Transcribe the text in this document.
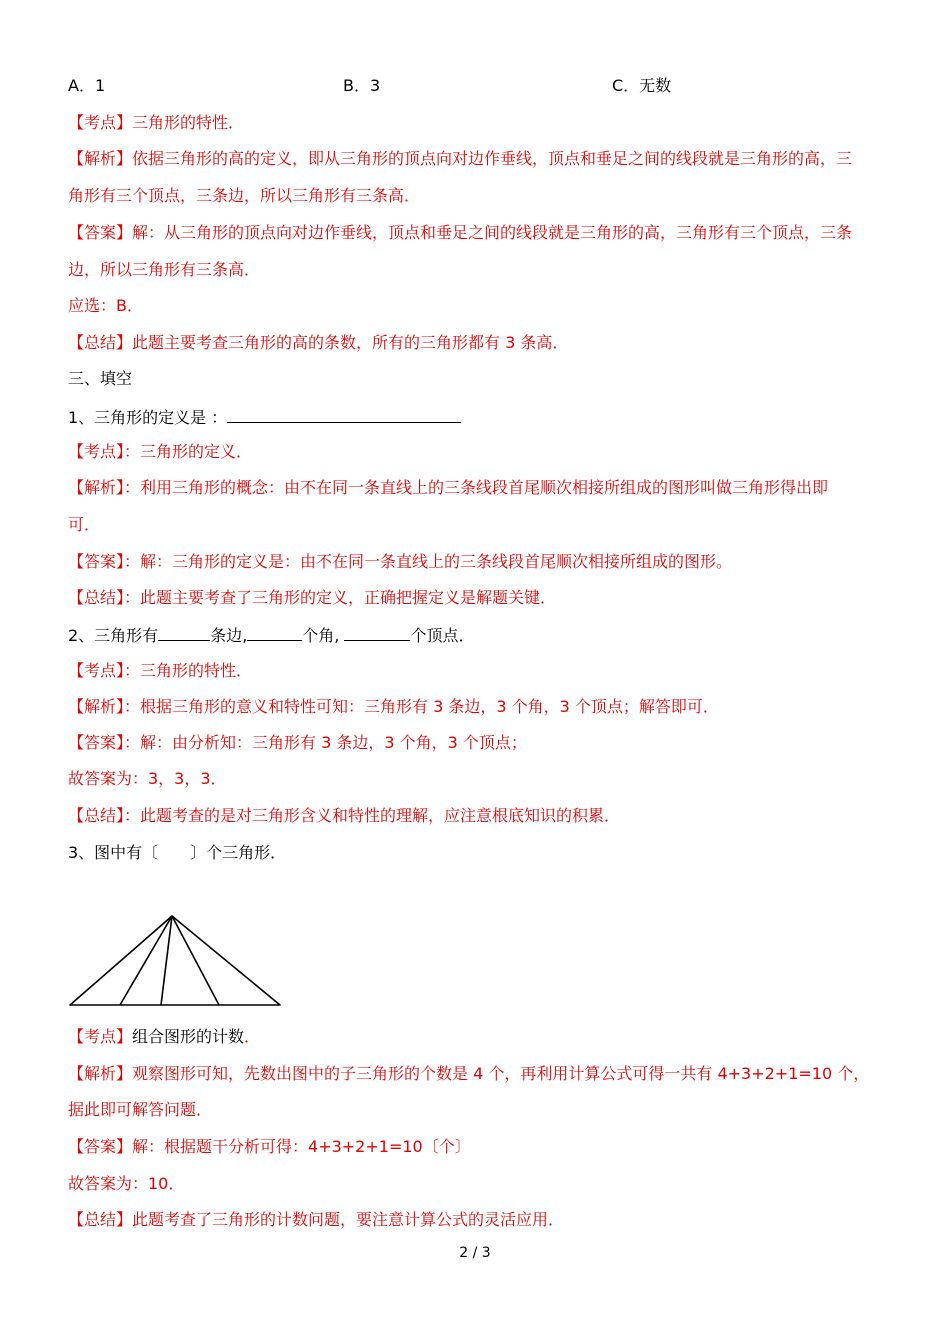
A．1	B．3	C．无数
【考点】三角形的特性．
【解析】依据三角形的高的定义，即从三角形的顶点向对边作垂线，顶点和垂足之间的线段就是三角形的高，三
角形有三个顶点，三条边，所以三角形有三条高．
【答案】解：从三角形的顶点向对边作垂线，顶点和垂足之间的线段就是三角形的高，三角形有三个顶点，三条
边，所以三角形有三条高．
应选：B．
【总结】此题主要考查三角形的高的条数，所有的三角形都有 3 条高．
三、填空
1、三角形的定义是 ：
【考点】：三角形的定义．
【解析】：利用三角形的概念：由不在同一条直线上的三条线段首尾顺次相接所组成的图形叫做三角形得出即
可．
【答案】：解：三角形的定义是：由不在同一条直线上的三条线段首尾顺次相接所组成的图形。
【总结】：此题主要考查了三角形的定义，正确把握定义是解题关键．
2、三角形有	条边,	个角,	个顶点．
【考点】：三角形的特性．
【解析】：根据三角形的意义和特性可知：三角形有 3 条边，3 个角，3 个顶点；解答即可．
【答案】：解：由分析知：三角形有 3 条边，3 个角，3 个顶点；
故答案为：3，3，3．
【总结】：此题考查的是对三角形含义和特性的理解，应注意根底知识的积累．
3、图中有〔　　〕个三角形．
【考点】组合图形的计数．
【解析】观察图形可知，先数出图中的子三角形的个数是 4 个，再利用计算公式可得一共有 4+3+2+1=10 个，
据此即可解答问题．
【答案】解：根据题干分析可得：4+3+2+1=10〔个〕
故答案为：10．
【总结】此题考查了三角形的计数问题，要注意计算公式的灵活应用．
2 / 3
